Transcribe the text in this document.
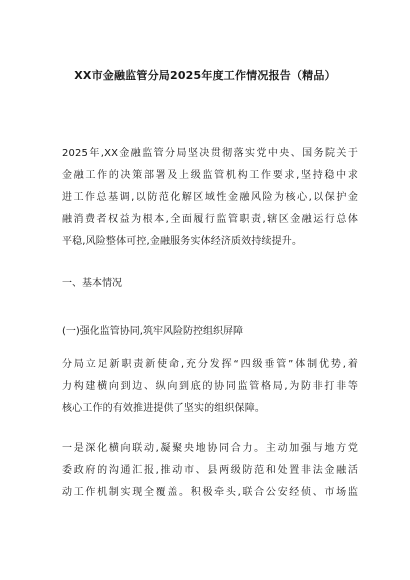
XX市金融监管分局2025年度工作情况报告（精品）
2025年,XX金融监管分局坚决贯彻落实党中央、国务院关于
金融工作的决策部署及上级监管机构工作要求,坚持稳中求
进工作总基调,以防范化解区域性金融风险为核心,以保护金
融消费者权益为根本,全面履行监管职责,辖区金融运行总体
平稳,风险整体可控,金融服务实体经济质效持续提升。
一、基本情况
(一)强化监管协同,筑牢风险防控组织屏障
分局立足新职责新使命,充分发挥“四级垂管”体制优势,着
力构建横向到边、纵向到底的协同监管格局,为防非打非等
核心工作的有效推进提供了坚实的组织保障。
一是深化横向联动,凝聚央地协同合力。主动加强与地方党
委政府的沟通汇报,推动市、县两级防范和处置非法金融活
动工作机制实现全覆盖。积极牵头,联合公安经侦、市场监
